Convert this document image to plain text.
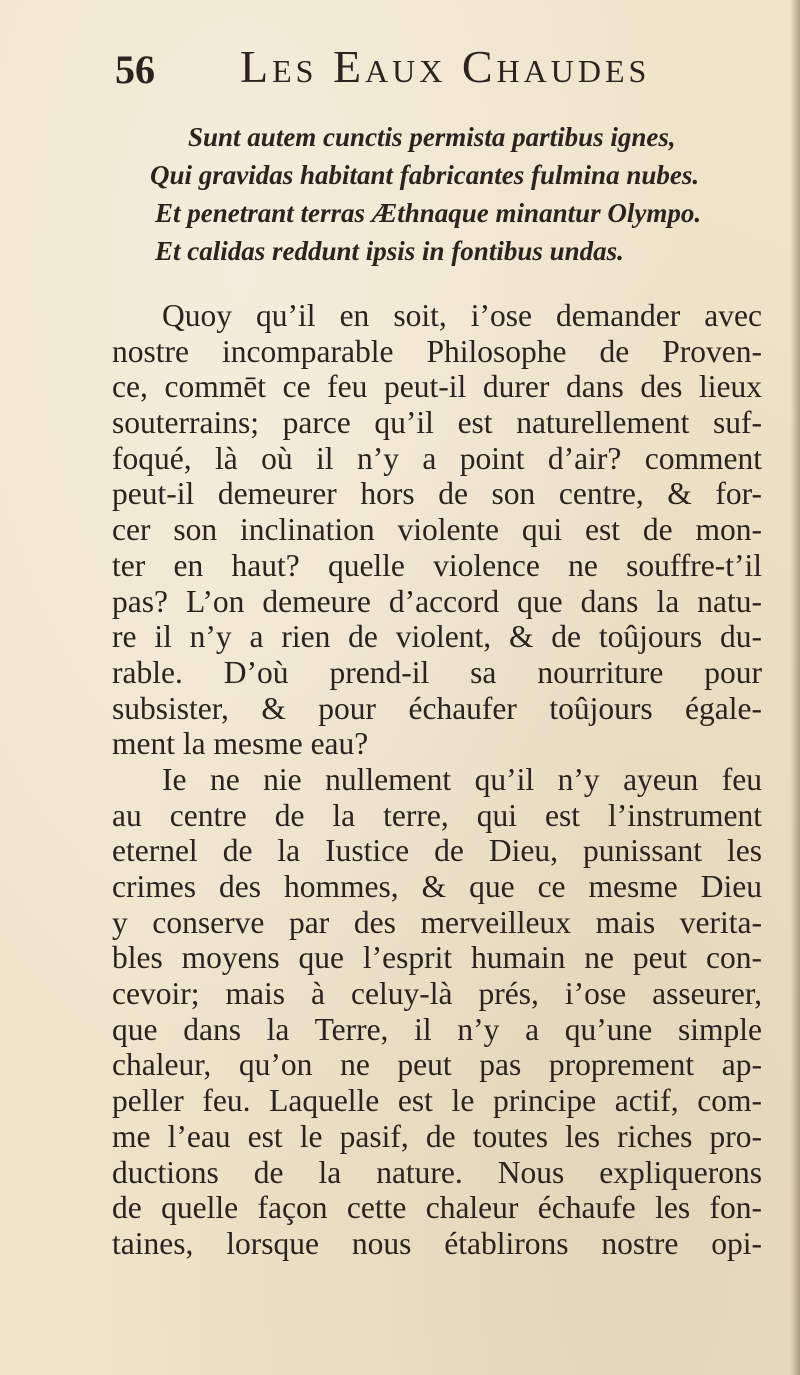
56 Les Eaux Chaudes
Sunt autem cunctis permista partibus ignes,
Qui gravidas habitant fabricantes fulmina nubes.
Et penetrant terras Æthnaque minantur Olympo.
Et calidas reddunt ipsis in fontibus undas.
Quoy qu’il en soit, i’ose demander avec
nostre incomparable Philosophe de Proven-
ce, commēt ce feu peut-il durer dans des lieux
souterrains; parce qu’il est naturellement suf-
foqué, là où il n’y a point d’air? comment
peut-il demeurer hors de son centre, & for-
cer son inclination violente qui est de mon-
ter en haut? quelle violence ne souffre-t’il
pas? L’on demeure d’accord que dans la natu-
re il n’y a rien de violent, & de toûjours du-
rable. D’où prend-il sa nourriture pour
subsister, & pour échaufer toûjours égale-
ment la mesme eau?
Ie ne nie nullement qu’il n’y ayeun feu
au centre de la terre, qui est l’instrument
eternel de la Iustice de Dieu, punissant les
crimes des hommes, & que ce mesme Dieu
y conserve par des merveilleux mais verita-
bles moyens que l’esprit humain ne peut con-
cevoir; mais à celuy-là prés, i’ose asseurer,
que dans la Terre, il n’y a qu’une simple
chaleur, qu’on ne peut pas proprement ap-
peller feu. Laquelle est le principe actif, com-
me l’eau est le pasif, de toutes les riches pro-
ductions de la nature. Nous expliquerons
de quelle façon cette chaleur échaufe les fon-
taines, lorsque nous établirons nostre opi-
